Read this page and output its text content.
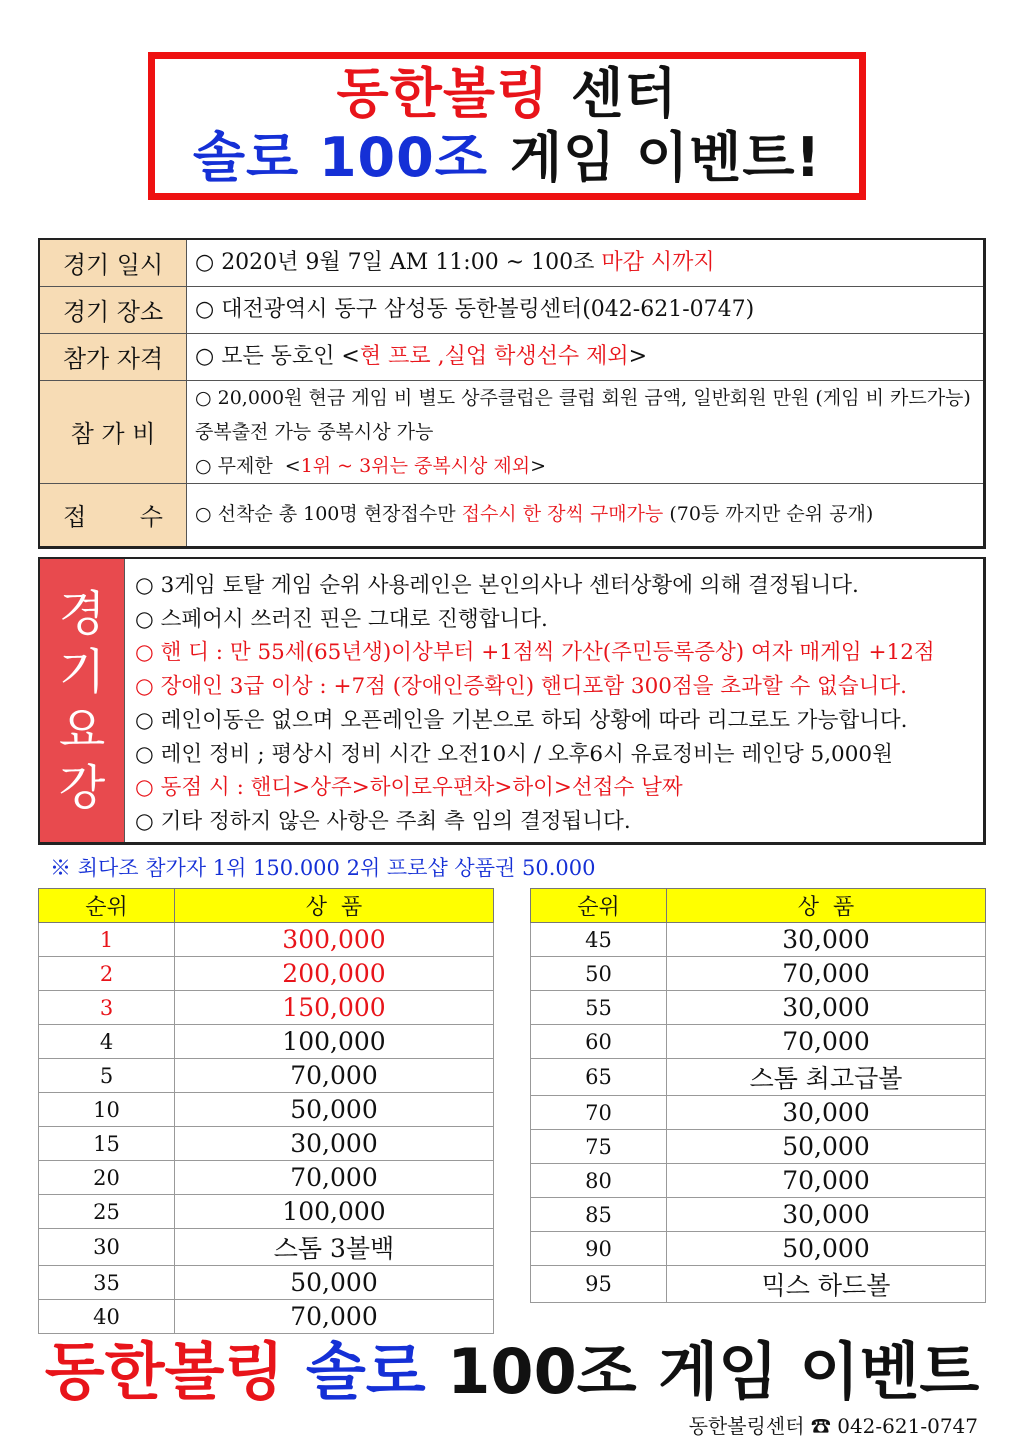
동한볼링 센터
솔로 100조 게임 이벤트!
경기 일시	○ 2020년 9월 7일 AM 11:00 ~ 100조 마감 시까지
경기 장소	○ 대전광역시 동구 삼성동 동한볼링센터(042-621-0747)
참가 자격	○ 모든 동호인 <현 프로 ,실업 학생선수 제외>
참 가 비	○ 20,000원 현금 게임 비 별도 상주클럽은 클럽 회원 금액, 일반회원 만원 (게임 비 카드가능)중복출전 가능 중복시상 가능
○ 무제한  <1위 ~ 3위는 중복시상 제외>

접       수	○ 선착순 총 100명 현장접수만 접수시 한 장씩 구매가능 (70등 까지만 순위 공개)
경
기
요
강
○ 3게임 토탈 게임 순위 사용레인은 본인의사나 센터상황에 의해 결정됩니다.
○ 스페어시 쓰러진 핀은 그대로 진행합니다.
○ 핸 디 : 만 55세(65년생)이상부터 +1점씩 가산(주민등록증상) 여자 매게임 +12점
○ 장애인 3급 이상 : +7점 (장애인증확인) 핸디포함 300점을 초과할 수 없습니다.
○ 레인이동은 없으며 오픈레인을 기본으로 하되 상황에 따라 리그로도 가능합니다.
○ 레인 정비 ; 평상시 정비 시간 오전10시 / 오후6시 유료정비는 레인당 5,000원
○ 동점 시 : 핸디>상주>하이로우편차>하이>선접수 날짜
○ 기타 정하지 않은 사항은 주최 측 임의 결정됩니다.
※ 최다조 참가자 1위 150.000 2위 프로샵 상품권 50.000
순위	상  품
1	300,000
2	200,000
3	150,000
4	100,000
5	70,000
10	50,000
15	30,000
20	70,000
25	100,000
30	스톰 3볼백
35	50,000
40	70,000
순위	상  품
45	30,000
50	70,000
55	30,000
60	70,000
65	스톰 최고급볼
70	30,000
75	50,000
80	70,000
85	30,000
90	50,000
95	믹스 하드볼
동한볼링 솔로 100조 게임 이벤트
동한볼링센터 ☎ 042-621-0747
